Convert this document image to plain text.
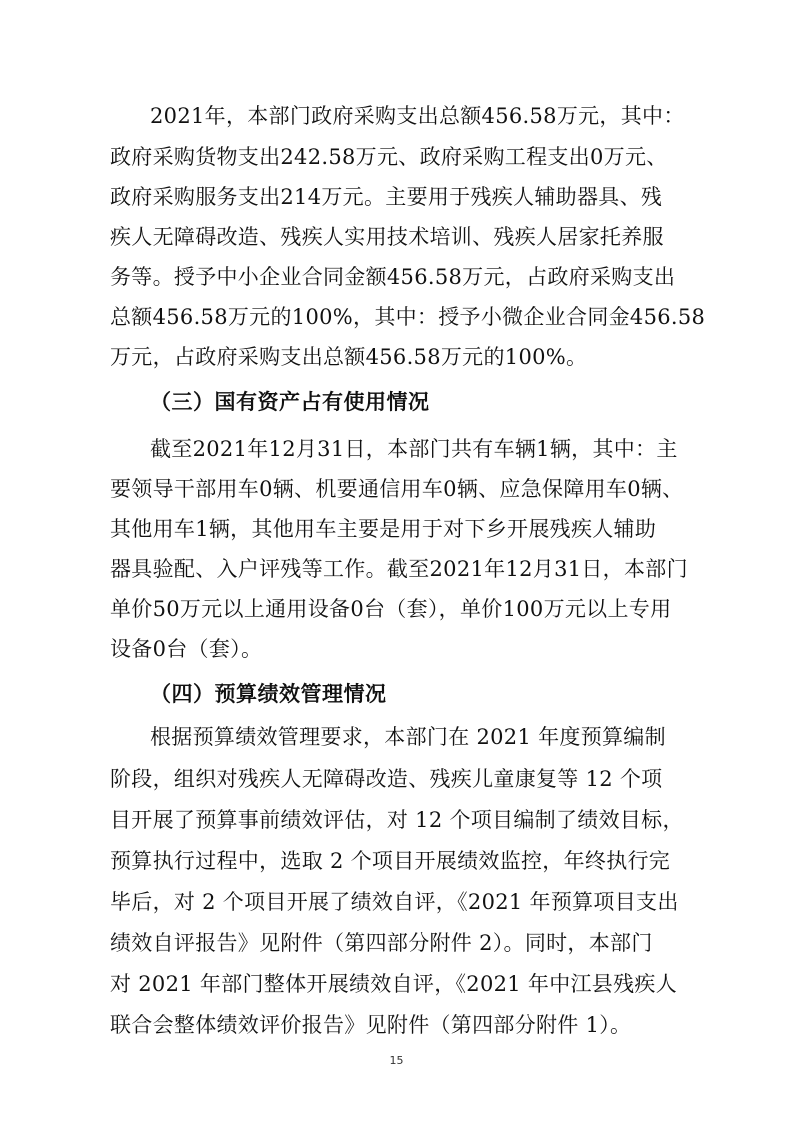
2021年，本部门政府采购支出总额456.58万元，其中：
政府采购货物支出242.58万元、政府采购工程支出0万元、
政府采购服务支出214万元。主要用于残疾人辅助器具、残
疾人无障碍改造、残疾人实用技术培训、残疾人居家托养服
务等。授予中小企业合同金额456.58万元，占政府采购支出
总额456.58万元的100%，其中：授予小微企业合同金456.58
万元，占政府采购支出总额456.58万元的100%。
（三）国有资产占有使用情况
截至2021年12月31日，本部门共有车辆1辆，其中：主
要领导干部用车0辆、机要通信用车0辆、应急保障用车0辆、
其他用车1辆，其他用车主要是用于对下乡开展残疾人辅助
器具验配、入户评残等工作。截至2021年12月31日，本部门
单价50万元以上通用设备0台（套），单价100万元以上专用
设备0台（套）。
（四）预算绩效管理情况
根据预算绩效管理要求，本部门在 2021 年度预算编制
阶段，组织对残疾人无障碍改造、残疾儿童康复等 12 个项
目开展了预算事前绩效评估，对 12 个项目编制了绩效目标，
预算执行过程中，选取 2 个项目开展绩效监控，年终执行完
毕后，对 2 个项目开展了绩效自评，《2021 年预算项目支出
绩效自评报告》见附件（第四部分附件 2）。同时，本部门
对 2021 年部门整体开展绩效自评，《2021 年中江县残疾人
联合会整体绩效评价报告》见附件（第四部分附件 1）。
15
